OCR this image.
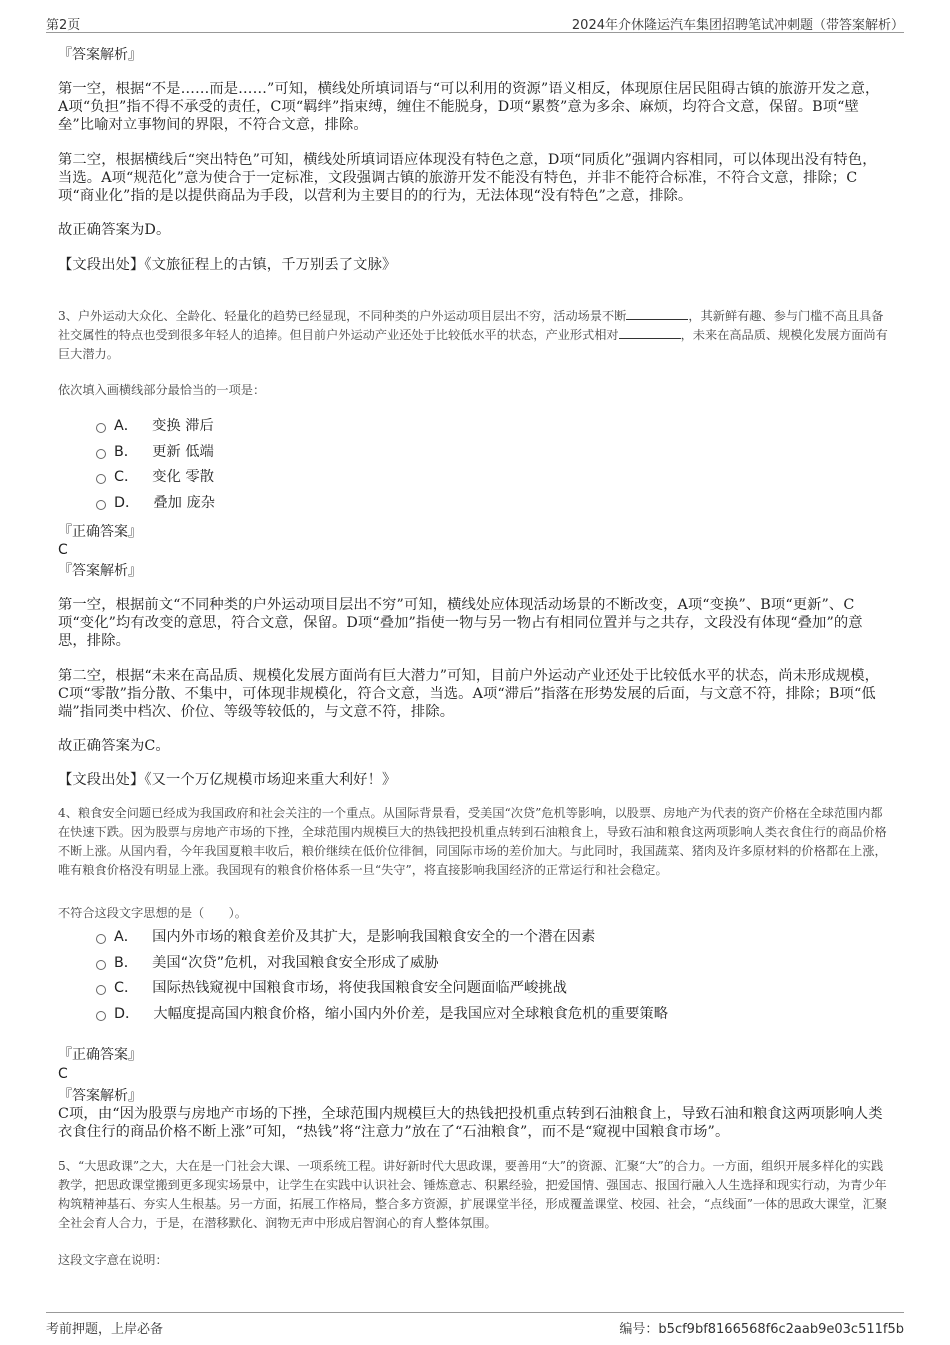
第2页	2024年介休隆运汽车集团招聘笔试冲刺题（带答案解析）
『答案解析』
第一空，根据“不是……而是……”可知，横线处所填词语与“可以利用的资源”语义相反，体现原住居民阻碍古镇的旅游开发之意，A项“负担”指不得不承受的责任，C项“羁绊”指束缚，缠住不能脱身，D项“累赘”意为多余、麻烦，均符合文意，保留。B项“壁垒”比喻对立事物间的界限，不符合文意，排除。
第二空，根据横线后“突出特色”可知，横线处所填词语应体现没有特色之意，D项“同质化”强调内容相同，可以体现出没有特色，当选。A项“规范化”意为使合于一定标准，文段强调古镇的旅游开发不能没有特色，并非不能符合标准，不符合文意，排除；C项“商业化”指的是以提供商品为手段，以营利为主要目的的行为，无法体现“没有特色”之意，排除。
故正确答案为D。
【文段出处】《文旅征程上的古镇，千万别丢了文脉》
3、户外运动大众化、全龄化、轻量化的趋势已经显现，不同种类的户外运动项目层出不穷，活动场景不断	，其新鲜有趣、参与门槛不高且具备社交属性的特点也受到很多年轻人的追捧。但目前户外运动产业还处于比较低水平的状态，产业形式相对	，未来在高品质、规模化发展方面尚有巨大潜力。
依次填入画横线部分最恰当的一项是：
A． 变换 滞后
B． 更新 低端
C． 变化 零散
D． 叠加 庞杂
『正确答案』
C
『答案解析』
第一空，根据前文“不同种类的户外运动项目层出不穷”可知，横线处应体现活动场景的不断改变，A项“变换”、B项“更新”、C项“变化”均有改变的意思，符合文意，保留。D项“叠加”指使一物与另一物占有相同位置并与之共存，文段没有体现“叠加”的意思，排除。
第二空，根据“未来在高品质、规模化发展方面尚有巨大潜力”可知，目前户外运动产业还处于比较低水平的状态，尚未形成规模，C项“零散”指分散、不集中，可体现非规模化，符合文意，当选。A项“滞后”指落在形势发展的后面，与文意不符，排除；B项“低端”指同类中档次、价位、等级等较低的，与文意不符，排除。
故正确答案为C。
【文段出处】《又一个万亿规模市场迎来重大利好！》
4、粮食安全问题已经成为我国政府和社会关注的一个重点。从国际背景看，受美国“次贷”危机等影响，以股票、房地产为代表的资产价格在全球范围内都在快速下跌。因为股票与房地产市场的下挫，全球范围内规模巨大的热钱把投机重点转到石油粮食上，导致石油和粮食这两项影响人类衣食住行的商品价格不断上涨。从国内看，今年我国夏粮丰收后，粮价继续在低价位徘徊，同国际市场的差价加大。与此同时，我国蔬菜、猪肉及许多原材料的价格都在上涨，唯有粮食价格没有明显上涨。我国现有的粮食价格体系一旦“失守”，将直接影响我国经济的正常运行和社会稳定。
不符合这段文字思想的是（　　）。
A． 国内外市场的粮食差价及其扩大，是影响我国粮食安全的一个潜在因素
B． 美国“次贷”危机，对我国粮食安全形成了威胁
C． 国际热钱窥视中国粮食市场，将使我国粮食安全问题面临严峻挑战
D． 大幅度提高国内粮食价格，缩小国内外价差，是我国应对全球粮食危机的重要策略
『正确答案』
C
『答案解析』
C项，由“因为股票与房地产市场的下挫，全球范围内规模巨大的热钱把投机重点转到石油粮食上，导致石油和粮食这两项影响人类衣食住行的商品价格不断上涨”可知，“热钱”将“注意力”放在了“石油粮食”，而不是“窥视中国粮食市场”。
5、“大思政课”之大，大在是一门社会大课、一项系统工程。讲好新时代大思政课，要善用“大”的资源、汇聚“大”的合力。一方面，组织开展多样化的实践教学，把思政课堂搬到更多现实场景中，让学生在实践中认识社会、锤炼意志、积累经验，把爱国情、强国志、报国行融入人生选择和现实行动，为青少年构筑精神基石、夯实人生根基。另一方面，拓展工作格局，整合多方资源，扩展课堂半径，形成覆盖课堂、校园、社会，“点线面”一体的思政大课堂，汇聚全社会育人合力，于是，在潜移默化、润物无声中形成启智润心的育人整体氛围。
这段文字意在说明：
考前押题，上岸必备	编号：b5cf9bf8166568f6c2aab9e03c511f5b
